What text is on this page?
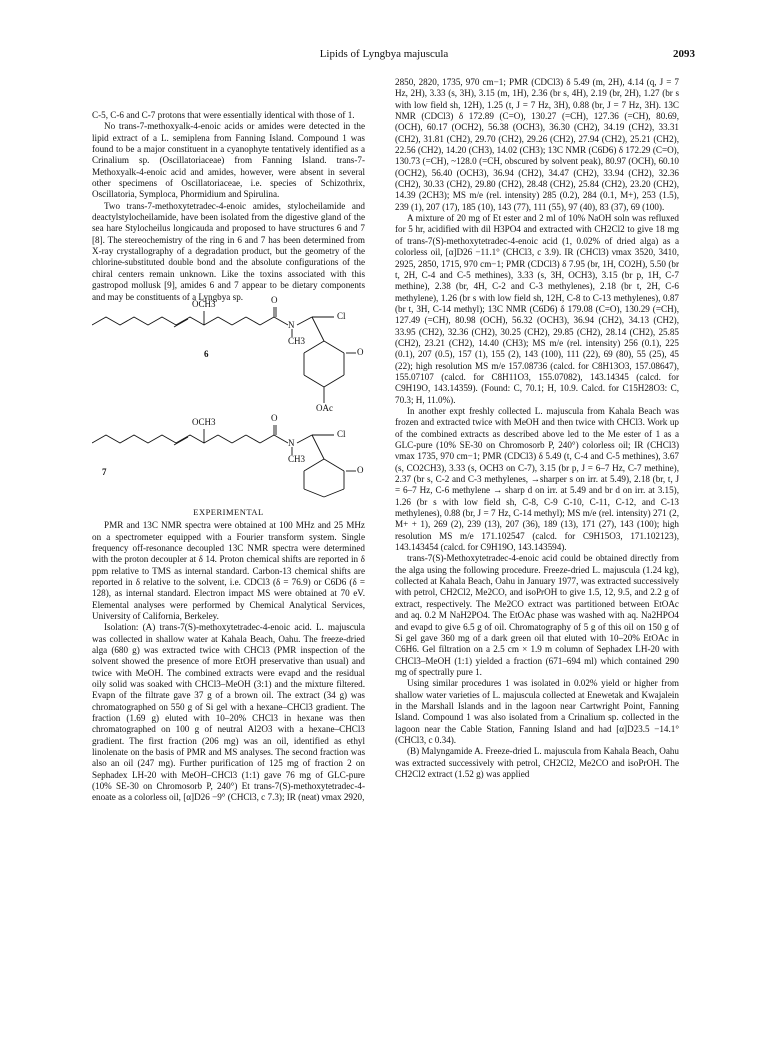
Lipids of Lyngbya majuscula	2093

C-5, C-6 and C-7 protons that were essentially identical with those of 1.

No trans-7-methoxyalk-4-enoic acids or amides were detected in the lipid extract of a L. semiplena from Fanning Island. Compound 1 was found to be a major constituent in a cyanophyte tentatively identified as a Crinalium sp. (Oscillatoriaceae) from Fanning Island. trans-7-Methoxyalk-4-enoic acid and amides, however, were absent in several other specimens of Oscillatoriaceae, i.e. species of Schizothrix, Oscillatoria, Symploca, Phormidium and Spirulina.

Two trans-7-methoxytetradec-4-enoic amides, stylocheilamide and deactylstylocheilamide, have been isolated from the digestive gland of the sea hare Stylocheilus longicauda and proposed to have structures 6 and 7 [8]. The stereochemistry of the ring in 6 and 7 has been determined from X-ray crystallography of a degradation product, but the geometry of the chlorine-substituted double bond and the absolute configurations of the chiral centers remain unknown. Like the toxins associated with this gastropod mollusk [9], amides 6 and 7 appear to be dietary components and may be constituents of a Lyngbya sp.

OCH3	O
N
CH3
Cl
O
OAc
6
OCH3	O
N
CH3
Cl
O
7
EXPERIMENTAL

PMR and 13C NMR spectra were obtained at 100 MHz and 25 MHz on a spectrometer equipped with a Fourier transform system. Single frequency off-resonance decoupled 13C NMR spectra were determined with the proton decoupler at δ 14. Proton chemical shifts are reported in δ ppm relative to TMS as internal standard. Carbon-13 chemical shifts are reported in δ relative to the solvent, i.e. CDCl3 (δ = 76.9) or C6D6 (δ = 128), as internal standard. Electron impact MS were obtained at 70 eV. Elemental analyses were performed by Chemical Analytical Services, University of California, Berkeley.

Isolation: (A) trans-7(S)-methoxytetradec-4-enoic acid. L. majuscula was collected in shallow water at Kahala Beach, Oahu. The freeze-dried alga (680 g) was extracted twice with CHCl3 (PMR inspection of the solvent showed the presence of more EtOH preservative than usual) and twice with MeOH. The combined extracts were evapd and the residual oily solid was soaked with CHCl3–MeOH (3:1) and the mixture filtered. Evapn of the filtrate gave 37 g of a brown oil. The extract (34 g) was chromatographed on 550 g of Si gel with a hexane–CHCl3 gradient. The fraction (1.69 g) eluted with 10–20% CHCl3 in hexane was then chromatographed on 100 g of neutral Al2O3 with a hexane–CHCl3 gradient. The first fraction (206 mg) was an oil, identified as ethyl linolenate on the basis of PMR and MS analyses. The second fraction was also an oil (247 mg). Further purification of 125 mg of fraction 2 on Sephadex LH-20 with MeOH–CHCl3 (1:1) gave 76 mg of GLC-pure (10% SE-30 on Chromosorb P, 240°) Et trans-7(S)-methoxytetradec-4-enoate as a colorless oil, [α]D26 −9° (CHCl3, c 7.3); IR (neat) νmax 2920,

2850, 2820, 1735, 970 cm−1; PMR (CDCl3) δ 5.49 (m, 2H), 4.14 (q, J = 7 Hz, 2H), 3.33 (s, 3H), 3.15 (m, 1H), 2.36 (br s, 4H), 2.19 (br, 2H), 1.27 (br s with low field sh, 12H), 1.25 (t, J = 7 Hz, 3H), 0.88 (br, J = 7 Hz, 3H). 13C NMR (CDCl3) δ 172.89 (C=O), 130.27 (=CH), 127.36 (=CH), 80.69, (OCH), 60.17 (OCH2), 56.38 (OCH3), 36.30 (CH2), 34.19 (CH2), 33.31 (CH2), 31.81 (CH2), 29.70 (CH2), 29.26 (CH2), 27.94 (CH2), 25.21 (CH2), 22.56 (CH2), 14.20 (CH3), 14.02 (CH3); 13C NMR (C6D6) δ 172.29 (C=O), 130.73 (=CH), ~128.0 (=CH, obscured by solvent peak), 80.97 (OCH), 60.10 (OCH2), 56.40 (OCH3), 36.94 (CH2), 34.47 (CH2), 33.94 (CH2), 32.36 (CH2), 30.33 (CH2), 29.80 (CH2), 28.48 (CH2), 25.84 (CH2), 23.20 (CH2), 14.39 (2CH3); MS m/e (rel. intensity) 285 (0.2), 284 (0.1, M+), 253 (1.5), 239 (1), 207 (17), 185 (10), 143 (77), 111 (55), 97 (40), 83 (37), 69 (100).

A mixture of 20 mg of Et ester and 2 ml of 10% NaOH soln was refluxed for 5 hr, acidified with dil H3PO4 and extracted with CH2Cl2 to give 18 mg of trans-7(S)-methoxytetradec-4-enoic acid (1, 0.02% of dried alga) as a colorless oil, [α]D26 −11.1° (CHCl3, c 3.9). IR (CHCl3) νmax 3520, 3410, 2925, 2850, 1715, 970 cm−1; PMR (CDCl3) δ 7.95 (br, 1H, CO2H), 5.50 (br t, 2H, C-4 and C-5 methines), 3.33 (s, 3H, OCH3), 3.15 (br p, 1H, C-7 methine), 2.38 (br, 4H, C-2 and C-3 methylenes), 2.18 (br t, 2H, C-6 methylene), 1.26 (br s with low field sh, 12H, C-8 to C-13 methylenes), 0.87 (br t, 3H, C-14 methyl); 13C NMR (C6D6) δ 179.08 (C=O), 130.29 (=CH), 127.49 (=CH), 80.98 (OCH), 56.32 (OCH3), 36.94 (CH2), 34.13 (CH2), 33.95 (CH2), 32.36 (CH2), 30.25 (CH2), 29.85 (CH2), 28.14 (CH2), 25.85 (CH2), 23.21 (CH2), 14.40 (CH3); MS m/e (rel. intensity) 256 (0.1), 225 (0.1), 207 (0.5), 157 (1), 155 (2), 143 (100), 111 (22), 69 (80), 55 (25), 45 (22); high resolution MS m/e 157.08736 (calcd. for C8H13O3, 157.08647), 155.07107 (calcd. for C8H11O3, 155.07082), 143.14345 (calcd. for C9H19O, 143.14359). (Found: C, 70.1; H, 10.9. Calcd. for C15H28O3: C, 70.3; H, 11.0%).

In another expt freshly collected L. majuscula from Kahala Beach was frozen and extracted twice with MeOH and then twice with CHCl3. Work up of the combined extracts as described above led to the Me ester of 1 as a GLC-pure (10% SE-30 on Chromosorb P, 240°) colorless oil; IR (CHCl3) νmax 1735, 970 cm−1; PMR (CDCl3) δ 5.49 (t, C-4 and C-5 methines), 3.67 (s, CO2CH3), 3.33 (s, OCH3 on C-7), 3.15 (br p, J = 6–7 Hz, C-7 methine), 2.37 (br s, C-2 and C-3 methylenes, →sharper s on irr. at 5.49), 2.18 (br, t, J = 6–7 Hz, C-6 methylene → sharp d on irr. at 5.49 and br d on irr. at 3.15), 1.26 (br s with low field sh, C-8, C-9 C-10, C-11, C-12, and C-13 methylenes), 0.88 (br, J = 7 Hz, C-14 methyl); MS m/e (rel. intensity) 271 (2, M+ + 1), 269 (2), 239 (13), 207 (36), 189 (13), 171 (27), 143 (100); high resolution MS m/e 171.102547 (calcd. for C9H15O3, 171.102123), 143.143454 (calcd. for C9H19O, 143.143594).

trans-7(S)-Methoxytetradec-4-enoic acid could be obtained directly from the alga using the following procedure. Freeze-dried L. majuscula (1.24 kg), collected at Kahala Beach, Oahu in January 1977, was extracted successively with petrol, CH2Cl2, Me2CO, and isoPrOH to give 1.5, 12, 9.5, and 2.2 g of extract, respectively. The Me2CO extract was partitioned between EtOAc and aq. 0.2 M NaH2PO4. The EtOAc phase was washed with aq. Na2HPO4 and evapd to give 6.5 g of oil. Chromatography of 5 g of this oil on 150 g of Si gel gave 360 mg of a dark green oil that eluted with 10–20% EtOAc in C6H6. Gel filtration on a 2.5 cm × 1.9 m column of Sephadex LH-20 with CHCl3–MeOH (1:1) yielded a fraction (671–694 ml) which contained 290 mg of spectrally pure 1.

Using similar procedures 1 was isolated in 0.02% yield or higher from shallow water varieties of L. majuscula collected at Enewetak and Kwajalein in the Marshall Islands and in the lagoon near Cartwright Point, Fanning Island. Compound 1 was also isolated from a Crinalium sp. collected in the lagoon near the Cable Station, Fanning Island and had [α]D23.5 −14.1° (CHCl3, c 0.34).

(B) Malyngamide A. Freeze-dried L. majuscula from Kahala Beach, Oahu was extracted successively with petrol, CH2Cl2, Me2CO and isoPrOH. The CH2Cl2 extract (1.52 g) was applied
